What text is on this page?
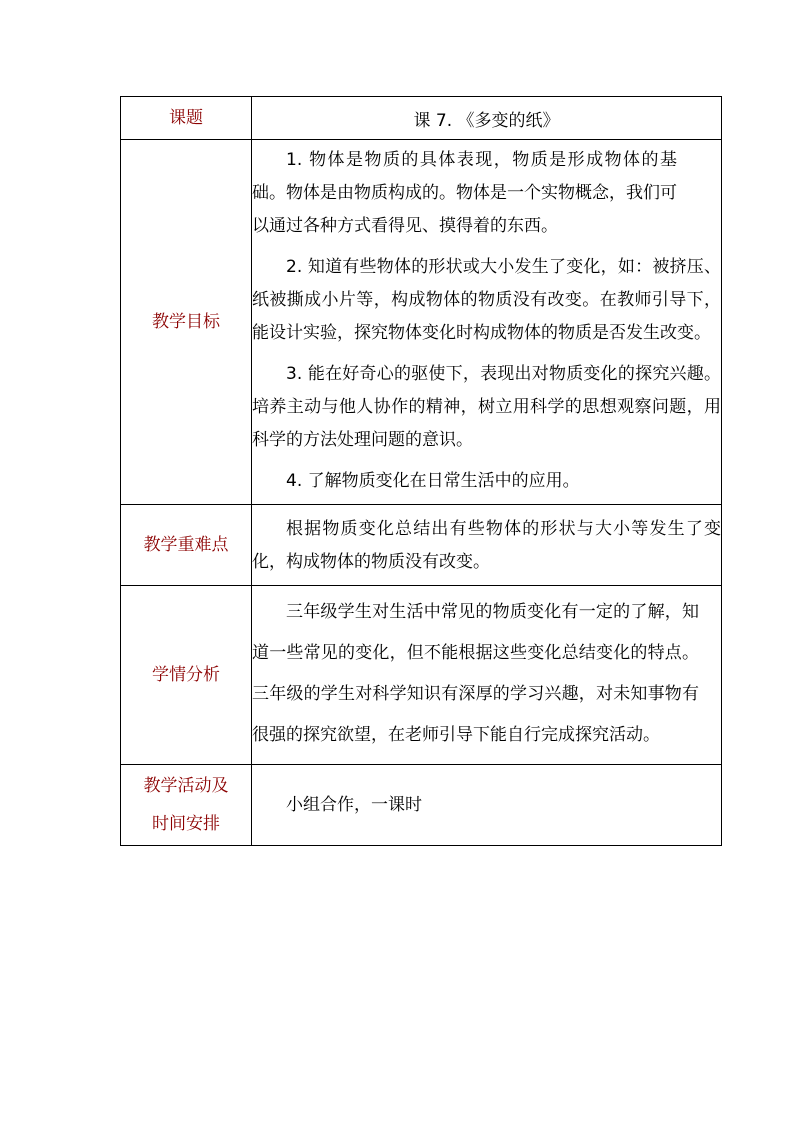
课题	课 7. 《多变的纸》
教学目标	1. 物体是物质的具体表现，物质是形成物体的基础。物体是由物质构成的。物体是一个实物概念，我们可以通过各种方式看得见、摸得着的东西。

2. 知道有些物体的形状或大小发生了变化，如：被挤压、纸被撕成小片等，构成物体的物质没有改变。在教师引导下，能设计实验，探究物体变化时构成物体的物质是否发生改变。

3. 能在好奇心的驱使下，表现出对物质变化的探究兴趣。培养主动与他人协作的精神，树立用科学的思想观察问题，用科学的方法处理问题的意识。

4. 了解物质变化在日常生活中的应用。

教学重难点	根据物质变化总结出有些物体的形状与大小等发生了变化，构成物体的物质没有改变。

学情分析	三年级学生对生活中常见的物质变化有一定的了解，知道一些常见的变化，但不能根据这些变化总结变化的特点。三年级的学生对科学知识有深厚的学习兴趣，对未知事物有很强的探究欲望，在老师引导下能自行完成探究活动。

教学活动及
时间安排	小组合作，一课时
